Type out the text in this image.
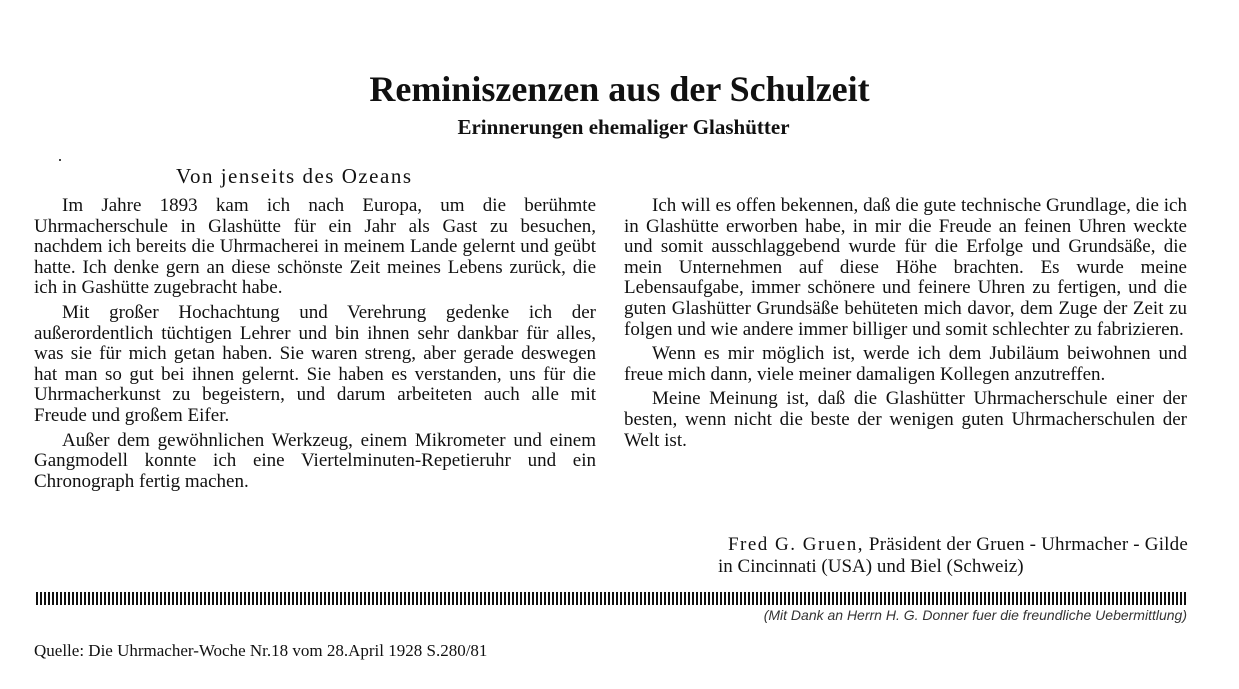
Reminiszenzen aus der Schulzeit
Erinnerungen ehemaliger Glashütter
Von jenseits des Ozeans

Im Jahre 1893 kam ich nach Europa, um die berühmte Uhrmacherschule in Glashütte für ein Jahr als Gast zu besuchen, nachdem ich bereits die Uhrmacherei in meinem Lande gelernt und geübt hatte. Ich denke gern an diese schönste Zeit meines Lebens zurück, die ich in Gashütte zugebracht habe.

Mit großer Hochachtung und Verehrung gedenke ich der außerordentlich tüchtigen Lehrer und bin ihnen sehr dankbar für alles, was sie für mich getan haben. Sie waren streng, aber gerade deswegen hat man so gut bei ihnen gelernt. Sie haben es verstanden, uns für die Uhrmacherkunst zu begeistern, und darum arbeiteten auch alle mit Freude und großem Eifer.

Außer dem gewöhnlichen Werkzeug, einem Mikrometer und einem Gangmodell konnte ich eine Viertelminuten-Repetieruhr und ein Chronograph fertig machen.

Ich will es offen bekennen, daß die gute technische Grundlage, die ich in Glashütte erworben habe, in mir die Freude an feinen Uhren weckte und somit ausschlaggebend wurde für die Erfolge und Grundsäße, die mein Unternehmen auf diese Höhe brachten. Es wurde meine Lebensaufgabe, immer schönere und feinere Uhren zu fertigen, und die guten Glashütter Grundsäße behüteten mich davor, dem Zuge der Zeit zu folgen und wie andere immer billiger und somit schlechter zu fabrizieren.

Wenn es mir möglich ist, werde ich dem Jubiläum beiwohnen und freue mich dann, viele meiner damaligen Kollegen anzutreffen.

Meine Meinung ist, daß die Glashütter Uhrmacherschule einer der besten, wenn nicht die beste der wenigen guten Uhrmacherschulen der Welt ist.

Fred G. Gruen, Präsident der Gruen - Uhrmacher - Gilde
in Cincinnati (USA) und Biel (Schweiz)
(Mit Dank an Herrn H. G. Donner fuer die freundliche Uebermittlung)
Quelle: Die Uhrmacher-Woche Nr.18 vom 28.April 1928 S.280/81
